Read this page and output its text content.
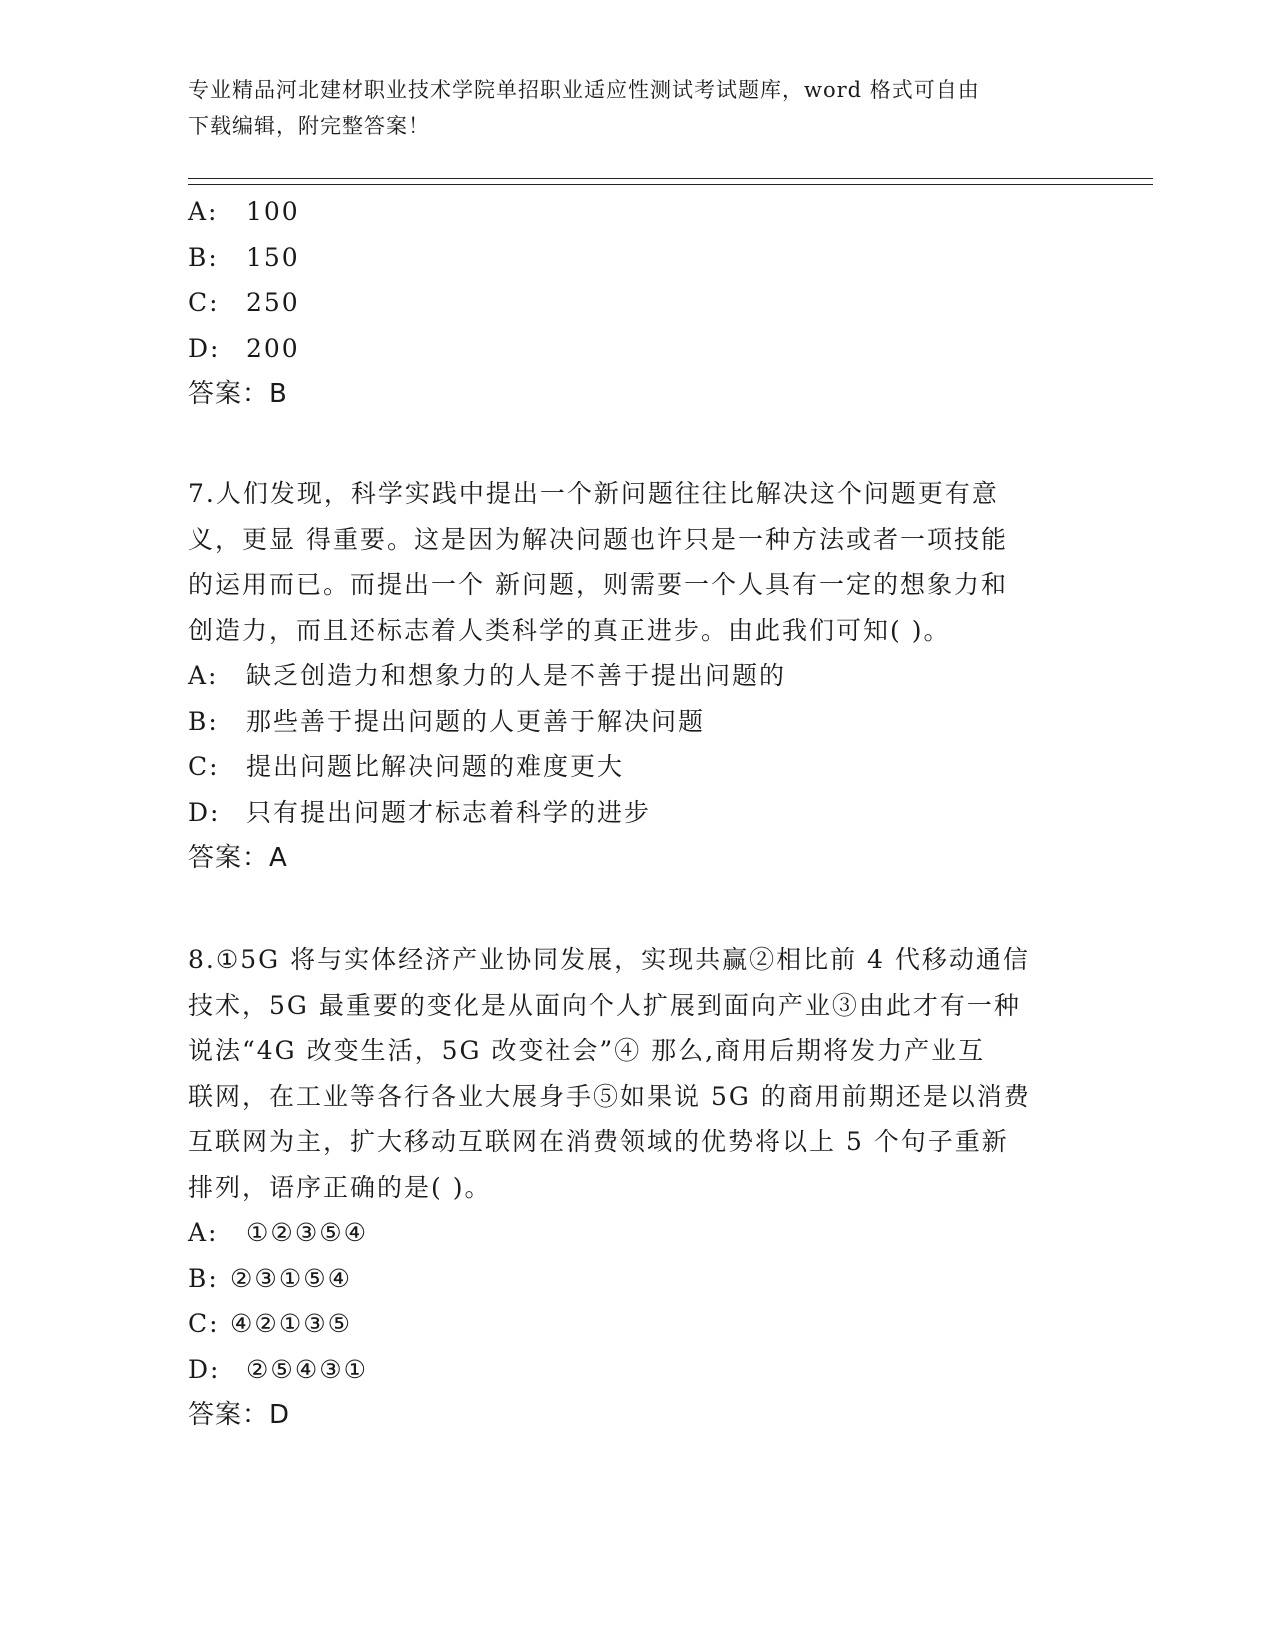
专业精品河北建材职业技术学院单招职业适应性测试考试题库，word 格式可自由
下载编辑，附完整答案！
A: 100
B: 150
C: 250
D: 200
答案：B
7.人们发现，科学实践中提出一个新问题往往比解决这个问题更有意
义，更显 得重要。这是因为解决问题也许只是一种方法或者一项技能
的运用而已。而提出一个 新问题，则需要一个人具有一定的想象力和
创造力，而且还标志着人类科学的真正进步。由此我们可知( )。
A: 缺乏创造力和想象力的人是不善于提出问题的
B: 那些善于提出问题的人更善于解决问题
C: 提出问题比解决问题的难度更大
D: 只有提出问题才标志着科学的进步
答案：A
8.①5G 将与实体经济产业协同发展，实现共赢②相比前 4 代移动通信
技术，5G 最重要的变化是从面向个人扩展到面向产业③由此才有一种
说法“4G 改变生活，5G 改变社会”④ 那么,商用后期将发力产业互
联网，在工业等各行各业大展身手⑤如果说 5G 的商用前期还是以消费
互联网为主，扩大移动互联网在消费领域的优势将以上 5 个句子重新
排列，语序正确的是( )。
A: ①②③⑤④
B: ②③①⑤④
C: ④②①③⑤
D: ②⑤④③①
答案：D
